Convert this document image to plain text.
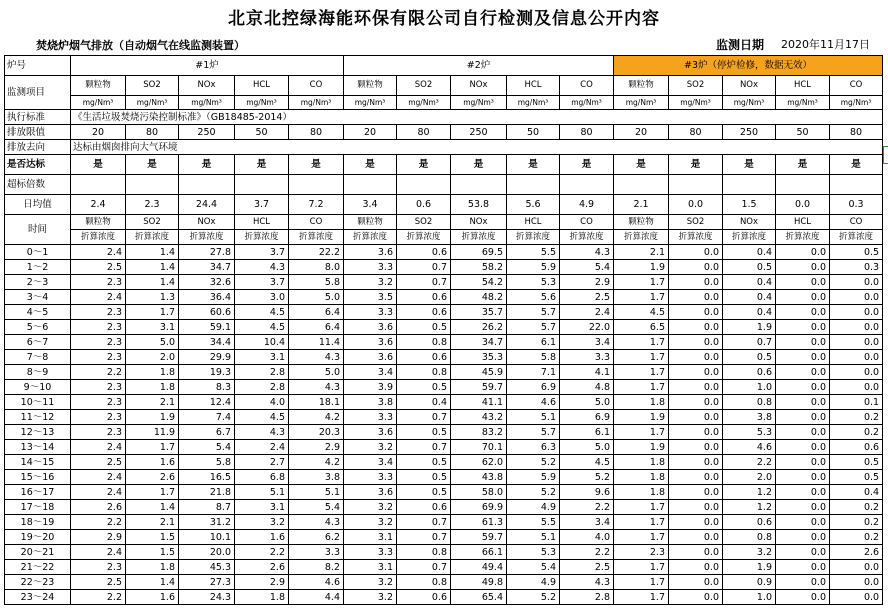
北京北控绿海能环保有限公司自行检测及信息公开内容
焚烧炉烟气排放（自动烟气在线监测装置）	监测日期 2020年11月17日
炉号	#1炉					#2炉					#3炉（停炉检修，数据无效）				
监测项目	颗粒物	SO2	NOx	HCL	CO	颗粒物	SO2	NOx	HCL	CO	颗粒物	SO2	NOx	HCL	CO
	mg/Nm³	mg/Nm³	mg/Nm³	mg/Nm³	mg/Nm³	mg/Nm³	mg/Nm³	mg/Nm³	mg/Nm³	mg/Nm³	mg/Nm³	mg/Nm³	mg/Nm³	mg/Nm³	mg/Nm³
执行标准	《生活垃圾焚烧污染控制标准》（GB18485-2014）														
排放限值	20	80	250	50	80	20	80	250	50	80	20	80	250	50	80
排放去向	达标由烟囱排向大气环境														
是否达标	是	是	是	是	是	是	是	是	是	是	是	是	是	是	是
超标倍数															
日均值	2.4	2.3	24.4	3.7	7.2	3.4	0.6	53.8	5.6	4.9	2.1	0.0	1.5	0.0	0.3
时间	颗粒物	SO2	NOx	HCL	CO	颗粒物	SO2	NOx	HCL	CO	颗粒物	SO2	NOx	HCL	CO
	折算浓度	折算浓度	折算浓度	折算浓度	折算浓度	折算浓度	折算浓度	折算浓度	折算浓度	折算浓度	折算浓度	折算浓度	折算浓度	折算浓度	折算浓度
0～1	2.4	1.4	27.8	3.7	22.2	3.6	0.6	69.5	5.5	4.3	2.1	0.0	0.4	0.0	0.5
1～2	2.5	1.4	34.7	4.3	8.0	3.3	0.7	58.2	5.9	5.4	1.9	0.0	0.5	0.0	0.3
2～3	2.3	1.4	32.6	3.7	5.8	3.2	0.7	54.2	5.3	2.9	1.7	0.0	0.4	0.0	0.0
3～4	2.4	1.3	36.4	3.0	5.0	3.5	0.6	48.2	5.6	2.5	1.7	0.0	0.4	0.0	0.0
4～5	2.3	1.7	60.6	4.5	6.4	3.3	0.6	35.7	5.7	2.4	4.5	0.0	0.4	0.0	0.0
5～6	2.3	3.1	59.1	4.5	6.4	3.6	0.5	26.2	5.7	22.0	6.5	0.0	1.9	0.0	0.0
6～7	2.3	5.0	34.4	10.4	11.4	3.6	0.8	34.7	6.1	3.4	1.7	0.0	0.7	0.0	0.0
7～8	2.3	2.0	29.9	3.1	4.3	3.6	0.6	35.3	5.8	3.3	1.7	0.0	0.5	0.0	0.0
8～9	2.2	1.8	19.3	2.8	5.0	3.4	0.8	45.9	7.1	4.1	1.7	0.0	0.6	0.0	0.0
9～10	2.3	1.8	8.3	2.8	4.3	3.9	0.5	59.7	6.9	4.8	1.7	0.0	1.0	0.0	0.0
10～11	2.3	2.1	12.4	4.0	18.1	3.8	0.4	41.1	4.6	5.0	1.8	0.0	0.8	0.0	0.1
11～12	2.3	1.9	7.4	4.5	4.2	3.3	0.7	43.2	5.1	6.9	1.9	0.0	3.8	0.0	0.2
12～13	2.3	11.9	6.7	4.3	20.3	3.6	0.5	83.2	5.7	6.1	1.7	0.0	5.3	0.0	0.2
13～14	2.4	1.7	5.4	2.4	2.9	3.2	0.7	70.1	6.3	5.0	1.9	0.0	4.6	0.0	0.6
14～15	2.5	1.6	5.8	2.7	4.2	3.4	0.5	62.0	5.2	4.5	1.8	0.0	2.2	0.0	0.5
15～16	2.4	2.6	16.5	6.8	3.8	3.3	0.5	43.8	5.9	5.2	1.8	0.0	2.0	0.0	0.5
16～17	2.4	1.7	21.8	5.1	5.1	3.6	0.5	58.0	5.2	9.6	1.8	0.0	1.2	0.0	0.4
17～18	2.6	1.4	8.7	3.1	5.4	3.2	0.6	69.9	4.9	2.2	1.7	0.0	1.2	0.0	0.2
18～19	2.2	2.1	31.2	3.2	4.3	3.2	0.7	61.3	5.5	3.4	1.7	0.0	0.6	0.0	0.2
19～20	2.9	1.5	10.1	1.6	6.2	3.1	0.7	59.7	5.1	4.0	1.7	0.0	0.8	0.0	0.2
20～21	2.4	1.5	20.0	2.2	3.3	3.3	0.8	66.1	5.3	2.2	2.3	0.0	3.2	0.0	2.6
21～22	2.3	1.8	45.3	2.6	8.2	3.1	0.7	49.4	5.4	2.5	1.7	0.0	1.9	0.0	0.0
22～23	2.5	1.4	27.3	2.9	4.6	3.2	0.8	49.8	4.9	4.3	1.7	0.0	0.9	0.0	0.0
23～24	2.2	1.6	24.3	1.8	4.4	3.2	0.6	65.4	5.2	2.8	1.7	0.0	1.0	0.0	0.0
